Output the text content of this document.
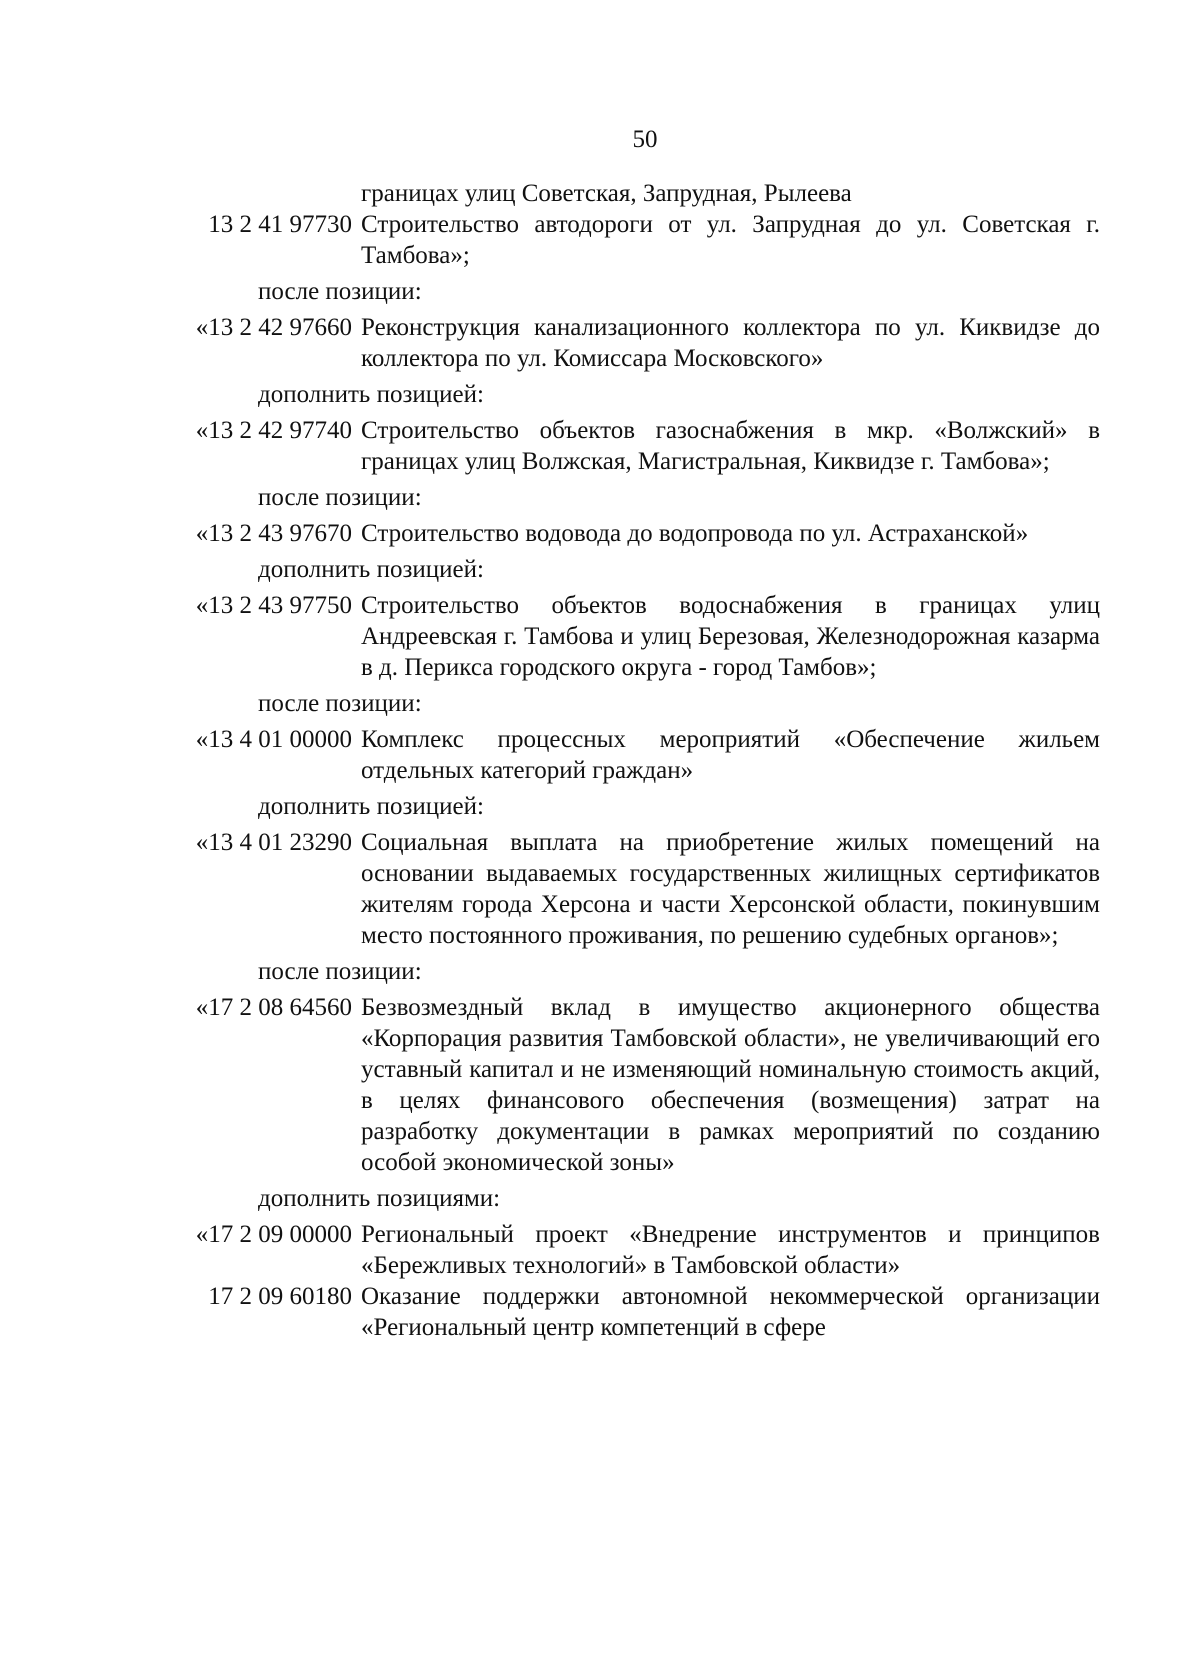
50
границах улиц Советская, Запрудная, Рылеева
13 2 41 97730 Строительство автодороги от ул. Запрудная до ул. Советская г. Тамбова»;
после позиции:
«13 2 42 97660 Реконструкция канализационного коллектора по ул. Киквидзе до коллектора по ул. Комиссара Московского»
дополнить позицией:
«13 2 42 97740 Строительство объектов газоснабжения в мкр. «Волжский» в границах улиц Волжская, Магистральная, Киквидзе г. Тамбова»;
после позиции:
«13 2 43 97670 Строительство водовода до водопровода по ул. Астраханской»
дополнить позицией:
«13 2 43 97750 Строительство объектов водоснабжения в границах улиц Андреевская г. Тамбова и улиц Березовая, Железнодорожная казарма в д. Перикса городского округа - город Тамбов»;
после позиции:
«13 4 01 00000 Комплекс процессных мероприятий «Обеспечение жильем отдельных категорий граждан»
дополнить позицией:
«13 4 01 23290 Социальная выплата на приобретение жилых помещений на основании выдаваемых государственных жилищных сертификатов жителям города Херсона и части Херсонской области, покинувшим место постоянного проживания, по решению судебных органов»;
после позиции:
«17 2 08 64560 Безвозмездный вклад в имущество акционерного общества «Корпорация развития Тамбовской области», не увеличивающий его уставный капитал и не изменяющий номинальную стоимость акций, в целях финансового обеспечения (возмещения) затрат на разработку документации в рамках мероприятий по созданию особой экономической зоны»
дополнить позициями:
«17 2 09 00000 Региональный проект «Внедрение инструментов и принципов «Бережливых технологий» в Тамбовской области»
17 2 09 60180 Оказание поддержки автономной некоммерческой организации «Региональный центр компетенций в сфере
